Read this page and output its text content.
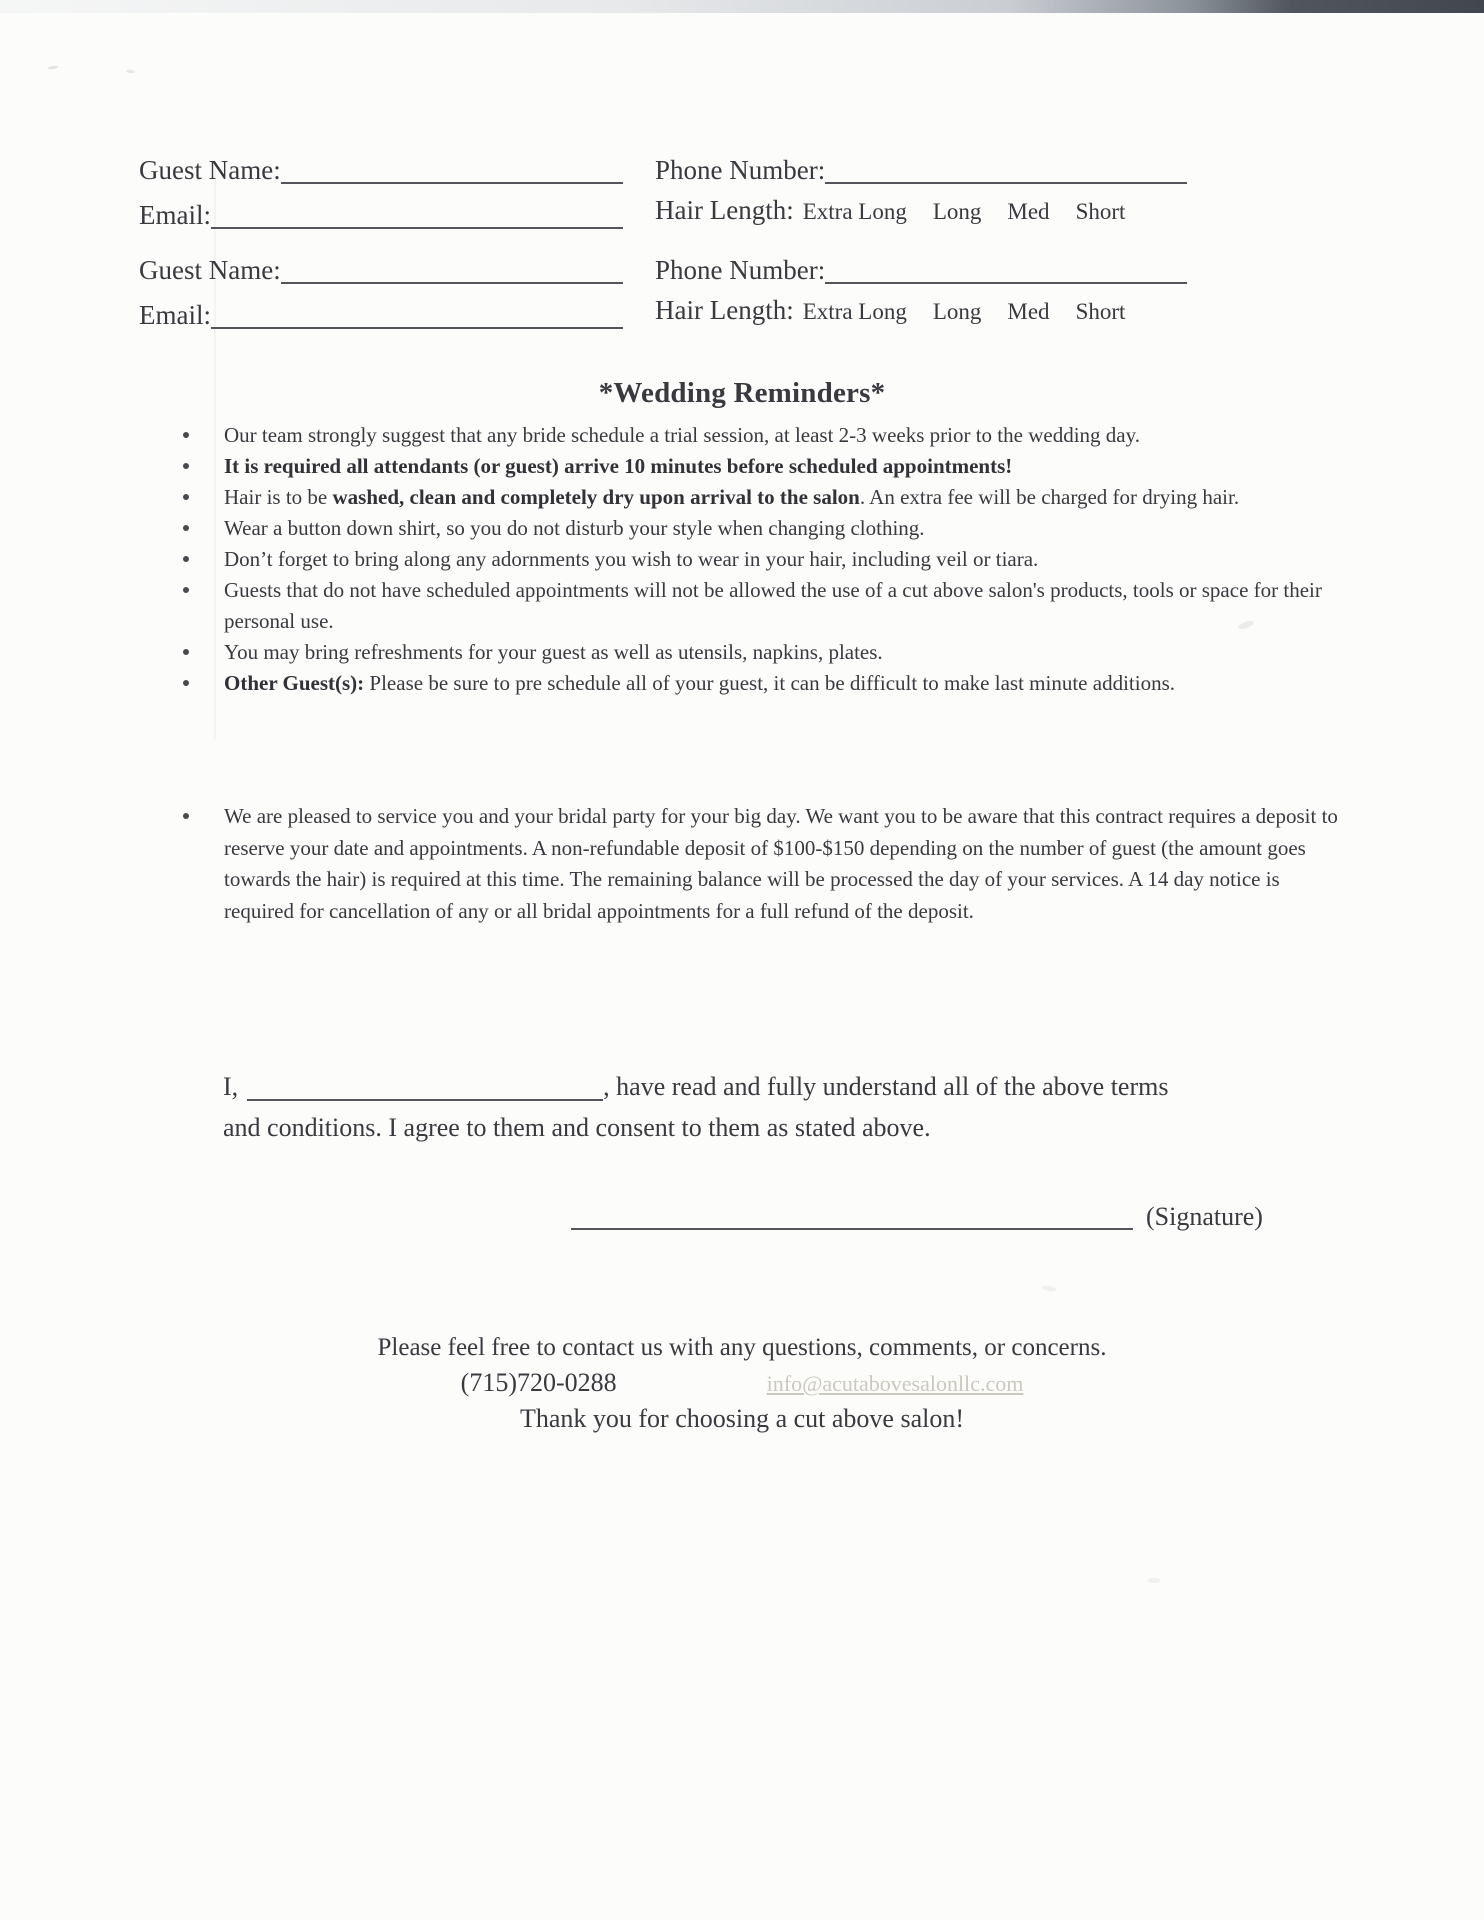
Guest Name:	Phone Number:
Email:	Hair Length: Extra Long Long Med Short
Guest Name:	Phone Number:
Email:	Hair Length: Extra Long Long Med Short
*Wedding Reminders*
Our team strongly suggest that any bride schedule a trial session, at least 2-3 weeks prior to the wedding day.
It is required all attendants (or guest) arrive 10 minutes before scheduled appointments!
Hair is to be washed, clean and completely dry upon arrival to the salon. An extra fee will be charged for drying hair.
Wear a button down shirt, so you do not disturb your style when changing clothing.
Don’t forget to bring along any adornments you wish to wear in your hair, including veil or tiara.
Guests that do not have scheduled appointments will not be allowed the use of a cut above salon's products, tools or space for their personal use.
You may bring refreshments for your guest as well as utensils, napkins, plates.
Other Guest(s): Please be sure to pre schedule all of your guest, it can be difficult to make last minute additions.
We are pleased to service you and your bridal party for your big day. We want you to be aware that this contract requires a deposit to reserve your date and appointments. A non-refundable deposit of $100-$150 depending on the number of guest (the amount goes towards the hair) is required at this time. The remaining balance will be processed the day of your services. A 14 day notice is required for cancellation of any or all bridal appointments for a full refund of the deposit.
I,	, have read and fully understand all of the above terms
and conditions. I agree to them and consent to them as stated above.
(Signature)
Please feel free to contact us with any questions, comments, or concerns.
(715)720-0288	info@acutabovesalonllc.com
Thank you for choosing a cut above salon!
